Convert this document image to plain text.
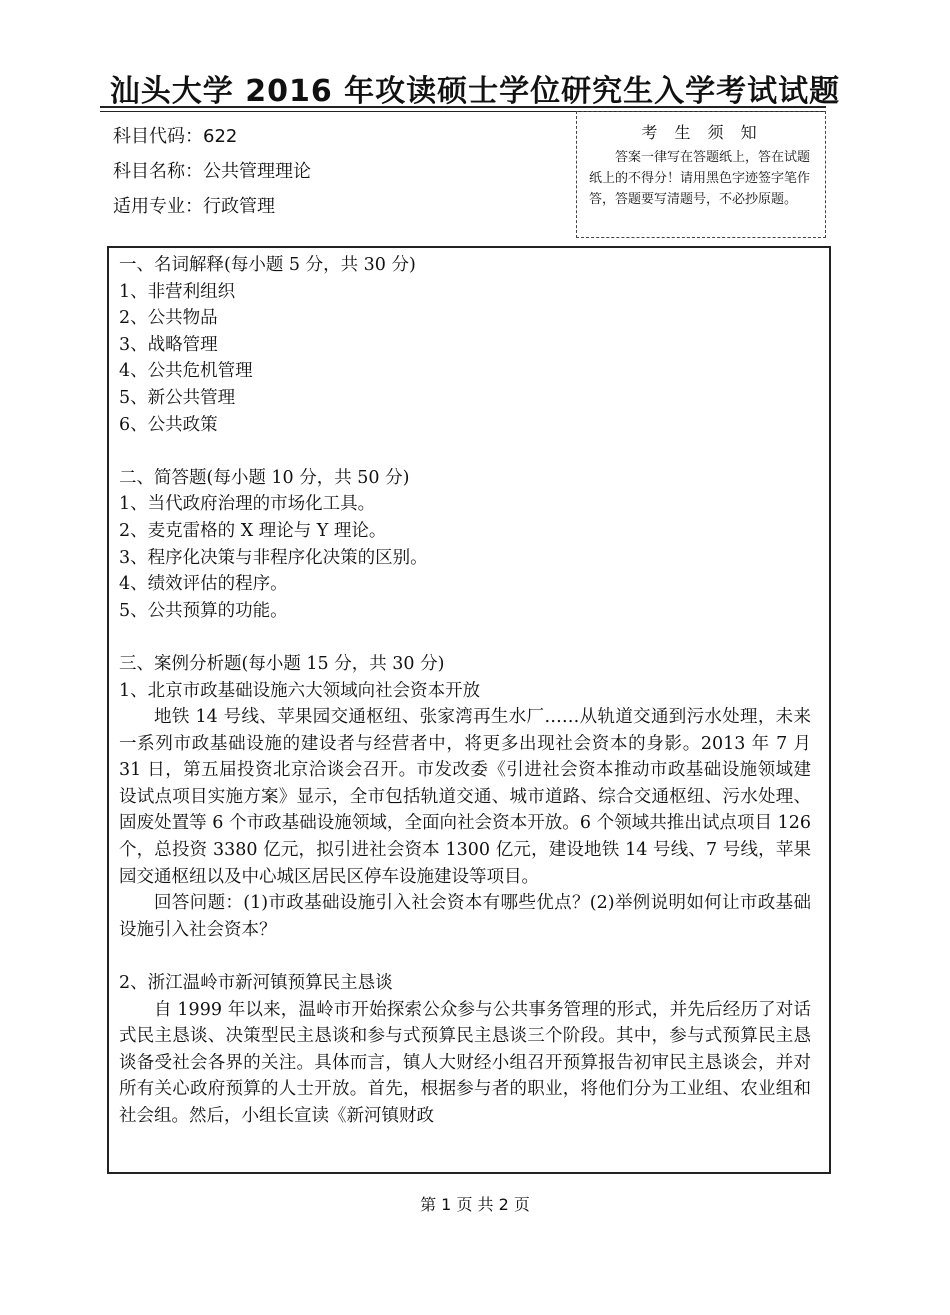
汕头大学 2016 年攻读硕士学位研究生入学考试试题
科目代码：622
科目名称：公共管理理论
适用专业：行政管理
考 生 须 知
答案一律写在答题纸上，答在试题纸上的不得分！请用黑色字迹签字笔作答，答题要写清题号，不必抄原题。
一、名词解释(每小题 5 分，共 30 分)
1、非营利组织
2、公共物品
3、战略管理
4、公共危机管理
5、新公共管理
6、公共政策
二、简答题(每小题 10 分，共 50 分)
1、当代政府治理的市场化工具。
2、麦克雷格的 X 理论与 Y 理论。
3、程序化决策与非程序化决策的区别。
4、绩效评估的程序。
5、公共预算的功能。
三、案例分析题(每小题 15 分，共 30 分)
1、北京市政基础设施六大领域向社会资本开放
地铁 14 号线、苹果园交通枢纽、张家湾再生水厂……从轨道交通到污水处理，未来一系列市政基础设施的建设者与经营者中，将更多出现社会资本的身影。2013 年 7 月 31 日，第五届投资北京洽谈会召开。市发改委《引进社会资本推动市政基础设施领域建设试点项目实施方案》显示，全市包括轨道交通、城市道路、综合交通枢纽、污水处理、固废处置等 6 个市政基础设施领域，全面向社会资本开放。6 个领域共推出试点项目 126 个，总投资 3380 亿元，拟引进社会资本 1300 亿元，建设地铁 14 号线、7 号线，苹果园交通枢纽以及中心城区居民区停车设施建设等项目。
回答问题：(1)市政基础设施引入社会资本有哪些优点？(2)举例说明如何让市政基础设施引入社会资本？
2、浙江温岭市新河镇预算民主恳谈
自 1999 年以来，温岭市开始探索公众参与公共事务管理的形式，并先后经历了对话式民主恳谈、决策型民主恳谈和参与式预算民主恳谈三个阶段。其中，参与式预算民主恳谈备受社会各界的关注。具体而言，镇人大财经小组召开预算报告初审民主恳谈会，并对所有关心政府预算的人士开放。首先，根据参与者的职业，将他们分为工业组、农业组和社会组。然后，小组长宣读《新河镇财政
第 1 页 共 2 页
